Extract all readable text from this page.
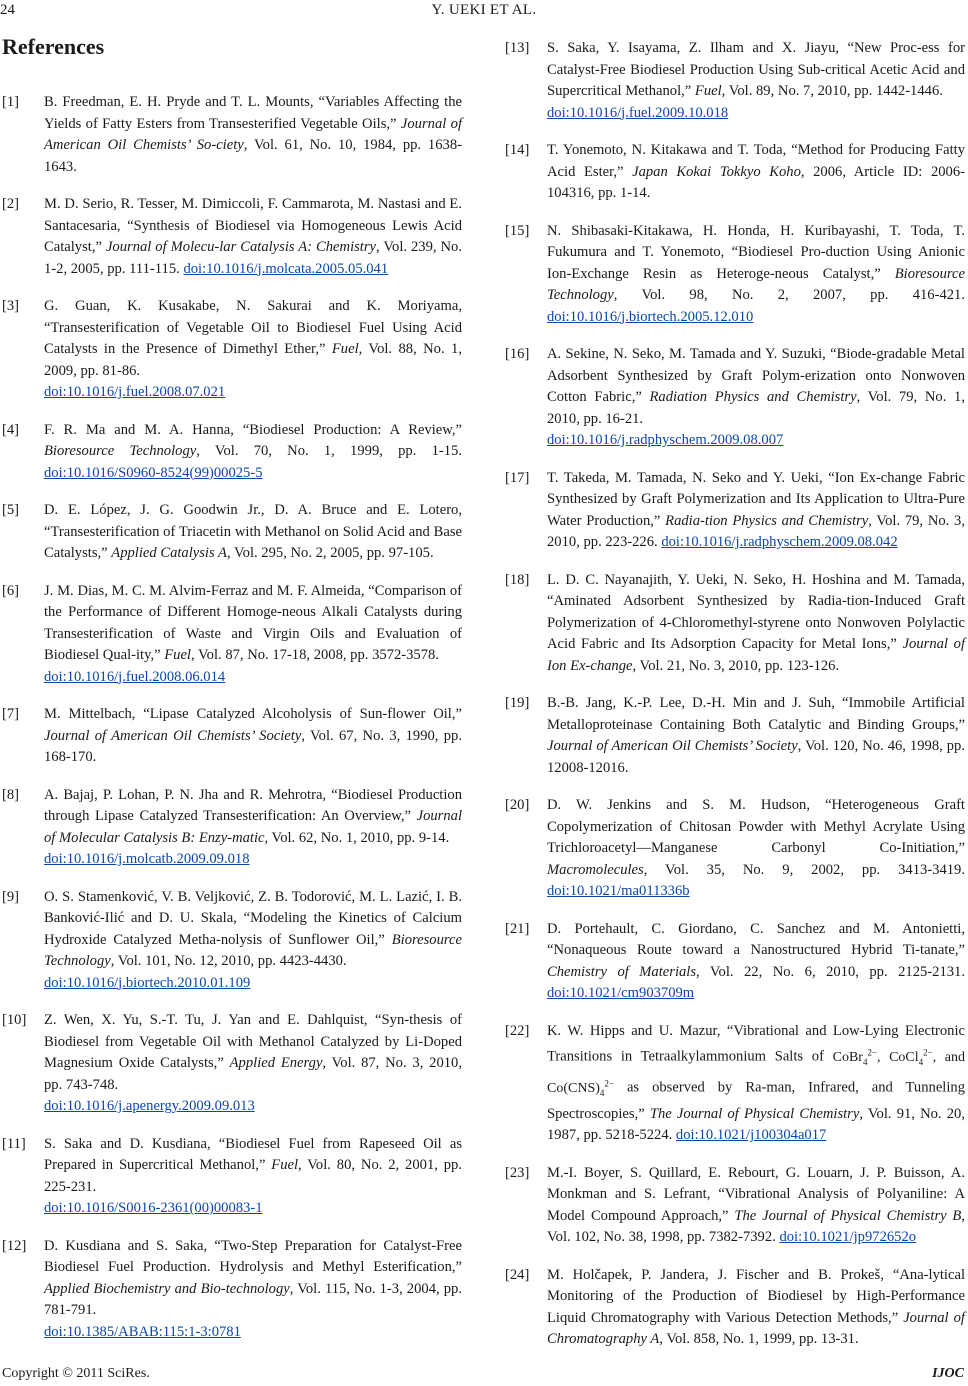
24	Y. UEKI ET AL.
References
[1]	B. Freedman, E. H. Pryde and T. L. Mounts, “Variables Affecting the Yields of Fatty Esters from Transesterified Vegetable Oils,” Journal of American Oil Chemists’ So-ciety, Vol. 61, No. 10, 1984, pp. 1638-1643.
[2]	M. D. Serio, R. Tesser, M. Dimiccoli, F. Cammarota, M. Nastasi and E. Santacesaria, “Synthesis of Biodiesel via Homogeneous Lewis Acid Catalyst,” Journal of Molecu-lar Catalysis A: Chemistry, Vol. 239, No. 1-2, 2005, pp. 111-115. doi:10.1016/j.molcata.2005.05.041
[3]	G. Guan, K. Kusakabe, N. Sakurai and K. Moriyama, “Transesterification of Vegetable Oil to Biodiesel Fuel Using Acid Catalysts in the Presence of Dimethyl Ether,” Fuel, Vol. 88, No. 1, 2009, pp. 81-86.
doi:10.1016/j.fuel.2008.07.021
[4]	F. R. Ma and M. A. Hanna, “Biodiesel Production: A Review,” Bioresource Technology, Vol. 70, No. 1, 1999, pp. 1-15. doi:10.1016/S0960-8524(99)00025-5
[5]	D. E. López, J. G. Goodwin Jr., D. A. Bruce and E. Lotero, “Transesterification of Triacetin with Methanol on Solid Acid and Base Catalysts,” Applied Catalysis A, Vol. 295, No. 2, 2005, pp. 97-105.
[6]	J. M. Dias, M. C. M. Alvim-Ferraz and M. F. Almeida, “Comparison of the Performance of Different Homoge-neous Alkali Catalysts during Transesterification of Waste and Virgin Oils and Evaluation of Biodiesel Qual-ity,” Fuel, Vol. 87, No. 17-18, 2008, pp. 3572-3578.
doi:10.1016/j.fuel.2008.06.014
[7]	M. Mittelbach, “Lipase Catalyzed Alcoholysis of Sun-flower Oil,” Journal of American Oil Chemists’ Society, Vol. 67, No. 3, 1990, pp. 168-170.
[8]	A. Bajaj, P. Lohan, P. N. Jha and R. Mehrotra, “Biodiesel Production through Lipase Catalyzed Transesterification: An Overview,” Journal of Molecular Catalysis B: Enzy-matic, Vol. 62, No. 1, 2010, pp. 9-14.
doi:10.1016/j.molcatb.2009.09.018
[9]	O. S. Stamenković, V. B. Veljković, Z. B. Todorović, M. L. Lazić, I. B. Banković-Ilić and D. U. Skala, “Modeling the Kinetics of Calcium Hydroxide Catalyzed Metha-nolysis of Sunflower Oil,” Bioresource Technology, Vol. 101, No. 12, 2010, pp. 4423-4430.
doi:10.1016/j.biortech.2010.01.109
[10]	Z. Wen, X. Yu, S.-T. Tu, J. Yan and E. Dahlquist, “Syn-thesis of Biodiesel from Vegetable Oil with Methanol Catalyzed by Li-Doped Magnesium Oxide Catalysts,” Applied Energy, Vol. 87, No. 3, 2010, pp. 743-748.
doi:10.1016/j.apenergy.2009.09.013
[11]	S. Saka and D. Kusdiana, “Biodiesel Fuel from Rapeseed Oil as Prepared in Supercritical Methanol,” Fuel, Vol. 80, No. 2, 2001, pp. 225-231.
doi:10.1016/S0016-2361(00)00083-1
[12]	D. Kusdiana and S. Saka, “Two-Step Preparation for Catalyst-Free Biodiesel Fuel Production. Hydrolysis and Methyl Esterification,” Applied Biochemistry and Bio-technology, Vol. 115, No. 1-3, 2004, pp. 781-791.
doi:10.1385/ABAB:115:1-3:0781
[13]	S. Saka, Y. Isayama, Z. Ilham and X. Jiayu, “New Proc-ess for Catalyst-Free Biodiesel Production Using Sub-critical Acetic Acid and Supercritical Methanol,” Fuel, Vol. 89, No. 7, 2010, pp. 1442-1446.
doi:10.1016/j.fuel.2009.10.018
[14]	T. Yonemoto, N. Kitakawa and T. Toda, “Method for Producing Fatty Acid Ester,” Japan Kokai Tokkyo Koho, 2006, Article ID: 2006-104316, pp. 1-14.
[15]	N. Shibasaki-Kitakawa, H. Honda, H. Kuribayashi, T. Toda, T. Fukumura and T. Yonemoto, “Biodiesel Pro-duction Using Anionic Ion-Exchange Resin as Heteroge-neous Catalyst,” Bioresource Technology, Vol. 98, No. 2, 2007, pp. 416-421. doi:10.1016/j.biortech.2005.12.010
[16]	A. Sekine, N. Seko, M. Tamada and Y. Suzuki, “Biode-gradable Metal Adsorbent Synthesized by Graft Polym-erization onto Nonwoven Cotton Fabric,” Radiation Physics and Chemistry, Vol. 79, No. 1, 2010, pp. 16-21.
doi:10.1016/j.radphyschem.2009.08.007
[17]	T. Takeda, M. Tamada, N. Seko and Y. Ueki, “Ion Ex-change Fabric Synthesized by Graft Polymerization and Its Application to Ultra-Pure Water Production,” Radia-tion Physics and Chemistry, Vol. 79, No. 3, 2010, pp. 223-226. doi:10.1016/j.radphyschem.2009.08.042
[18]	L. D. C. Nayanajith, Y. Ueki, N. Seko, H. Hoshina and M. Tamada, “Aminated Adsorbent Synthesized by Radia-tion-Induced Graft Polymerization of 4-Chloromethyl-styrene onto Nonwoven Polylactic Acid Fabric and Its Adsorption Capacity for Metal Ions,” Journal of Ion Ex-change, Vol. 21, No. 3, 2010, pp. 123-126.
[19]	B.-B. Jang, K.-P. Lee, D.-H. Min and J. Suh, “Immobile Artificial Metalloproteinase Containing Both Catalytic and Binding Groups,” Journal of American Oil Chemists’ Society, Vol. 120, No. 46, 1998, pp. 12008-12016.
[20]	D. W. Jenkins and S. M. Hudson, “Heterogeneous Graft Copolymerization of Chitosan Powder with Methyl Acrylate Using Trichloroacetyl—Manganese Carbonyl Co-Initiation,” Macromolecules, Vol. 35, No. 9, 2002, pp. 3413-3419. doi:10.1021/ma011336b
[21]	D. Portehault, C. Giordano, C. Sanchez and M. Antonietti, “Nonaqueous Route toward a Nanostructured Hybrid Ti-tanate,” Chemistry of Materials, Vol. 22, No. 6, 2010, pp. 2125-2131. doi:10.1021/cm903709m
[22]	K. W. Hipps and U. Mazur, “Vibrational and Low-Lying Electronic Transitions in Tetraalkylammonium Salts of CoBr$_4^{2-}$, CoCl$_4^{2-}$, and $Co(CNS)_4^{2-}$ as observed by Ra-man, Infrared, and Tunneling Spectroscopies,” The Journal of Physical Chemistry, Vol. 91, No. 20, 1987, pp. 5218-5224. doi:10.1021/j100304a017
[23]	M.-I. Boyer, S. Quillard, E. Rebourt, G. Louarn, J. P. Buisson, A. Monkman and S. Lefrant, “Vibrational Analysis of Polyaniline: A Model Compound Approach,” The Journal of Physical Chemistry B, Vol. 102, No. 38, 1998, pp. 7382-7392. doi:10.1021/jp972652o
[24]	M. Holčapek, P. Jandera, J. Fischer and B. Prokeš, “Ana-lytical Monitoring of the Production of Biodiesel by High-Performance Liquid Chromatography with Various Detection Methods,” Journal of Chromatography A, Vol. 858, No. 1, 1999, pp. 13-31.
Copyright © 2011 SciRes.	IJOC
